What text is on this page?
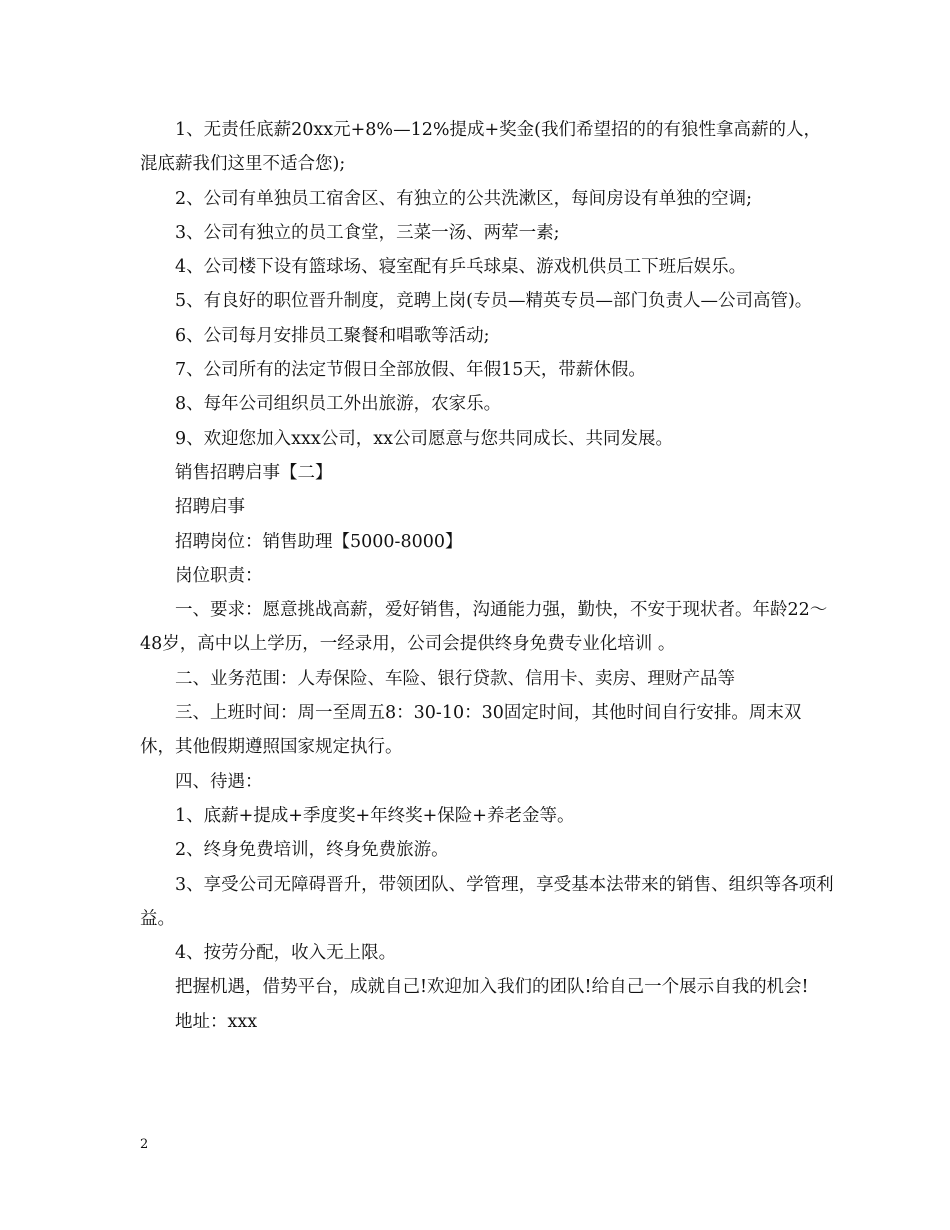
1、无责任底薪20xx元+8%—12%提成+奖金(我们希望招的的有狼性拿高薪的人，混底薪我们这里不适合您);

2、公司有单独员工宿舍区、有独立的公共洗漱区，每间房设有单独的空调;

3、公司有独立的员工食堂，三菜一汤、两荤一素;

4、公司楼下设有篮球场、寝室配有乒乓球桌、游戏机供员工下班后娱乐。

5、有良好的职位晋升制度，竞聘上岗(专员—精英专员—部门负责人—公司高管)。

6、公司每月安排员工聚餐和唱歌等活动;

7、公司所有的法定节假日全部放假、年假15天，带薪休假。

8、每年公司组织员工外出旅游，农家乐。

9、欢迎您加入xxx公司，xx公司愿意与您共同成长、共同发展。

销售招聘启事【二】

招聘启事

招聘岗位：销售助理【5000-8000】

岗位职责：

一、要求：愿意挑战高薪，爱好销售，沟通能力强，勤快，不安于现状者。年龄22～48岁，高中以上学历，一经录用，公司会提供终身免费专业化培训 。

二、业务范围：人寿保险、车险、银行贷款、信用卡、卖房、理财产品等

三、上班时间：周一至周五8：30-10：30固定时间，其他时间自行安排。周末双休，其他假期遵照国家规定执行。

四、待遇：

1、底薪+提成+季度奖+年终奖+保险+养老金等。

2、终身免费培训，终身免费旅游。

3、享受公司无障碍晋升，带领团队、学管理，享受基本法带来的销售、组织等各项利益。

4、按劳分配，收入无上限。

把握机遇，借势平台，成就自己!欢迎加入我们的团队!给自己一个展示自我的机会!

地址：xxx

2
